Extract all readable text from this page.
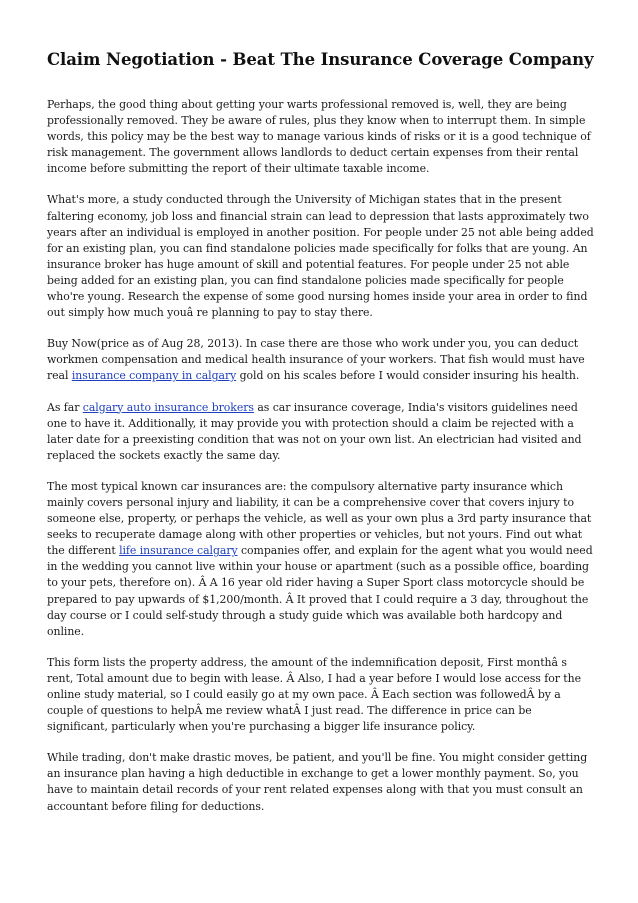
Claim Negotiation - Beat The Insurance Coverage Company

Perhaps, the good thing about getting your warts professional removed is, well, they are being professionally removed. They be aware of rules, plus they know when to interrupt them. In simple words, this policy may be the best way to manage various kinds of risks or it is a good technique of risk management. The government allows landlords to deduct certain expenses from their rental income before submitting the report of their ultimate taxable income.

What's more, a study conducted through the University of Michigan states that in the present faltering economy, job loss and financial strain can lead to depression that lasts approximately two years after an individual is employed in another position. For people under 25 not able being added for an existing plan, you can find standalone policies made specifically for folks that are young. An insurance broker has huge amount of skill and potential features. For people under 25 not able being added for an existing plan, you can find standalone policies made specifically for people who're young. Research the expense of some good nursing homes inside your area in order to find out simply how much youâ re planning to pay to stay there.

Buy Now(price as of Aug 28, 2013). In case there are those who work under you, you can deduct workmen compensation and medical health insurance of your workers. That fish would must have real insurance company in calgary gold on his scales before I would consider insuring his health.

As far calgary auto insurance brokers as car insurance coverage, India's visitors guidelines need one to have it. Additionally, it may provide you with protection should a claim be rejected with a later date for a preexisting condition that was not on your own list. An electrician had visited and replaced the sockets exactly the same day.

The most typical known car insurances are: the compulsory alternative party insurance which mainly covers personal injury and liability, it can be a comprehensive cover that covers injury to someone else, property, or perhaps the vehicle, as well as your own plus a 3rd party insurance that seeks to recuperate damage along with other properties or vehicles, but not yours. Find out what the different life insurance calgary companies offer, and explain for the agent what you would need in the wedding you cannot live within your house or apartment (such as a possible office, boarding to your pets, therefore on). Â A 16 year old rider having a Super Sport class motorcycle should be prepared to pay upwards of $1,200/month. Â It proved that I could require a 3 day, throughout the day course or I could self-study through a study guide which was available both hardcopy and online.

This form lists the property address, the amount of the indemnification deposit, First monthâ s rent, Total amount due to begin with lease. Â Also, I had a year before I would lose access for the online study material, so I could easily go at my own pace. Â Each section was followedÂ by a couple of questions to helpÂ me review whatÂ I just read. The difference in price can be significant, particularly when you're purchasing a bigger life insurance policy.

While trading, don't make drastic moves, be patient, and you'll be fine. You might consider getting an insurance plan having a high deductible in exchange to get a lower monthly payment. So, you have to maintain detail records of your rent related expenses along with that you must consult an accountant before filing for deductions.
